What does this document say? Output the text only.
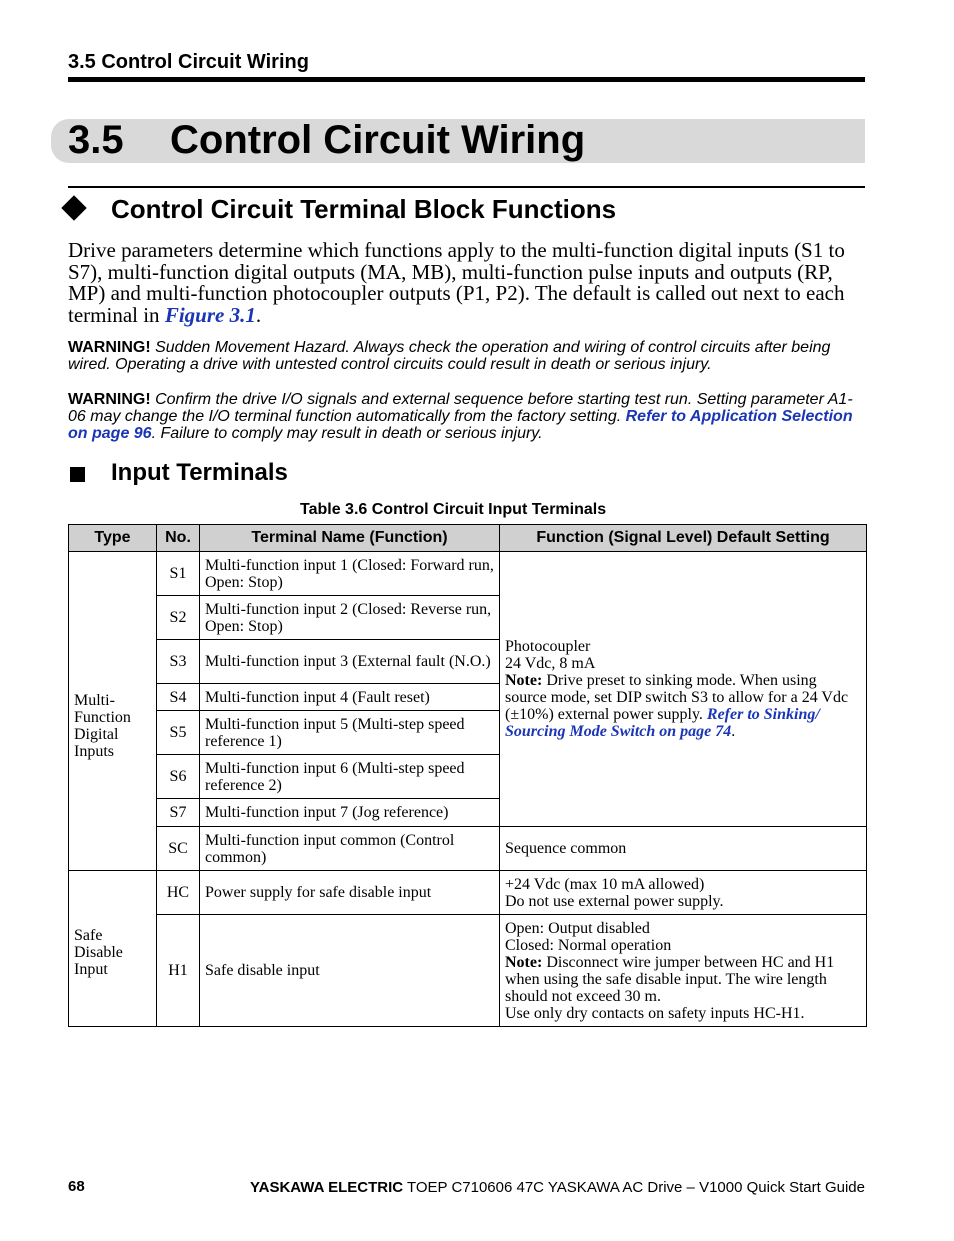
3.5 Control Circuit Wiring
3.5 Control Circuit Wiring
Control Circuit Terminal Block Functions
Drive parameters determine which functions apply to the multi-function digital inputs (S1 to S7), multi-function digital outputs (MA, MB), multi-function pulse inputs and outputs (RP, MP) and multi-function photocoupler outputs (P1, P2). The default is called out next to each terminal in Figure 3.1.
WARNING! Sudden Movement Hazard. Always check the operation and wiring of control circuits after being wired. Operating a drive with untested control circuits could result in death or serious injury.
WARNING! Confirm the drive I/O signals and external sequence before starting test run. Setting parameter A1-06 may change the I/O terminal function automatically from the factory setting. Refer to Application Selection on page 96. Failure to comply may result in death or serious injury.
Input Terminals
Table 3.6 Control Circuit Input Terminals
Type	No.	Terminal Name (Function)	Function (Signal Level) Default Setting
Multi-Function Digital Inputs	S1	Multi-function input 1 (Closed: Forward run, Open: Stop)	Photocoupler
24 Vdc, 8 mA
Note: Drive preset to sinking mode. When using source mode, set DIP switch S3 to allow for a 24 Vdc (±10%) external power supply. Refer to Sinking/ Sourcing Mode Switch on page 74.
	S2	Multi-function input 2 (Closed: Reverse run, Open: Stop)	
	S3	Multi-function input 3 (External fault (N.O.)	
	S4	Multi-function input 4 (Fault reset)	
	S5	Multi-function input 5 (Multi-step speed reference 1)	
	S6	Multi-function input 6 (Multi-step speed reference 2)	
	S7	Multi-function input 7 (Jog reference)	
	SC	Multi-function input common (Control common)	Sequence common
Safe Disable Input	HC	Power supply for safe disable input	+24 Vdc (max 10 mA allowed)
Do not use external power supply.

	H1	Safe disable input	Open: Output disabled
Closed: Normal operation
Note: Disconnect wire jumper between HC and H1 when using the safe disable input. The wire length should not exceed 30 m.
Use only dry contacts on safety inputs HC-H1.
68	YASKAWA ELECTRIC TOEP C710606 47C YASKAWA AC Drive – V1000 Quick Start Guide
